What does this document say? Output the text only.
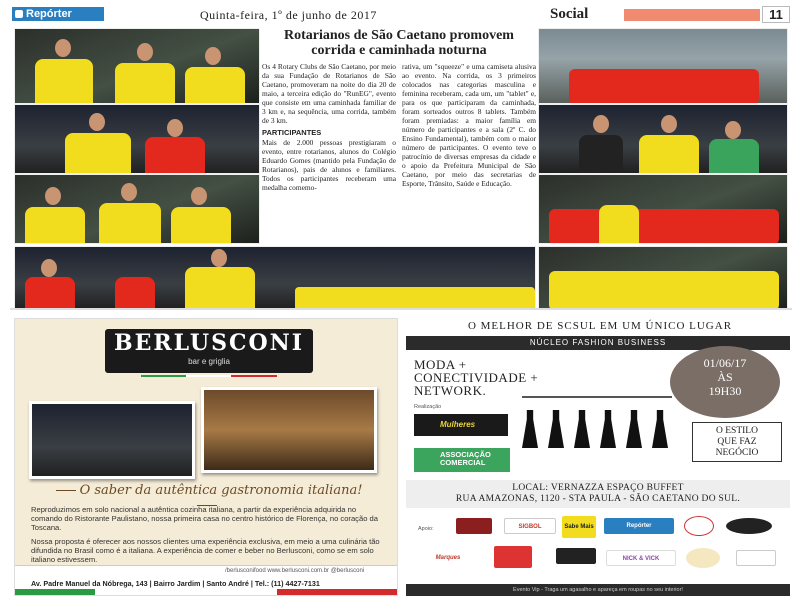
Repórter	Quinta-feira, 1º de junho de 2017	Social	11
Rotarianos de São Caetano promovem corrida e caminhada noturna

Os 4 Rotary Clubs de São Caetano, por meio da sua Fundação de Rotarianos de São Caetano, promoveram na noite do dia 20 de maio, a terceira edição do "RunEG", evento que consiste em uma caminhada familiar de 3 km e, na sequência, uma corrida, também de 3 km.

PARTICIPANTES

Mais de 2.000 pessoas prestigiaram o evento, entre rotarianos, alunos do Colégio Eduardo Gomes (mantido pela Fundação de Rotarianos), pais de alunos e familiares. Todos os participantes receberam uma medalha comemo-

rativa, um "squeeze" e uma camiseta alusiva ao evento. Na corrida, os 3 primeiros colocados nas categorias masculina e feminina receberam, cada um, um "tablet" e, para os que participaram da caminhada, foram sorteados outros 8 tablets. Também foram premiadas: a maior família em número de participantes e a sala (2º C. do Ensino Fundamental), também com o maior número de participantes. O evento teve o patrocínio de diversas empresas da cidade e o apoio da Prefeitura Municipal de São Caetano, por meio das secretarias de Esporte, Trânsito, Saúde e Educação.

BERLUSCONI
bar e griglia
O saber da autêntica gastronomia italiana!

Reproduzimos em solo nacional a autêntica cozinha italiana, a partir da experiência adquirida no comando do Ristorante Paulistano, nossa primeira casa no centro histórico de Florença, no coração da Toscana.

Nossa proposta é oferecer aos nossos clientes uma experiência exclusiva, em meio a uma culinária tão difundida no Brasil como é a italiana. A experiência de comer e beber no Berlusconi, como se em solo italiano estivessem.

/berlusconifood www.berlusconi.com.br @berlusconi
Av. Padre Manuel da Nóbrega, 143 | Bairro Jardim | Santo André | Tel.: (11) 4427-7131
O MELHOR DE SCSUL EM UM ÚNICO LUGAR
NÚCLEO FASHION BUSINESS
MODA +
CONECTIVIDADE +
NETWORK.
01/06/17
ÀS
19H30
Realização
Mulheres
ASSOCIAÇÃO
COMERCIAL
O ESTILO
QUE FAZ
NEGÓCIO
LOCAL: VERNAZZA ESPAÇO BUFFET
RUA AMAZONAS, 1120 - STA PAULA - SÃO CAETANO DO SUL.
Apoio:	SIGBOL	Sabe Mais	Repórter
Marques	NICK & VICK
Evento Vip - Traga um agasalho e apareça em roupas no seu interior!
